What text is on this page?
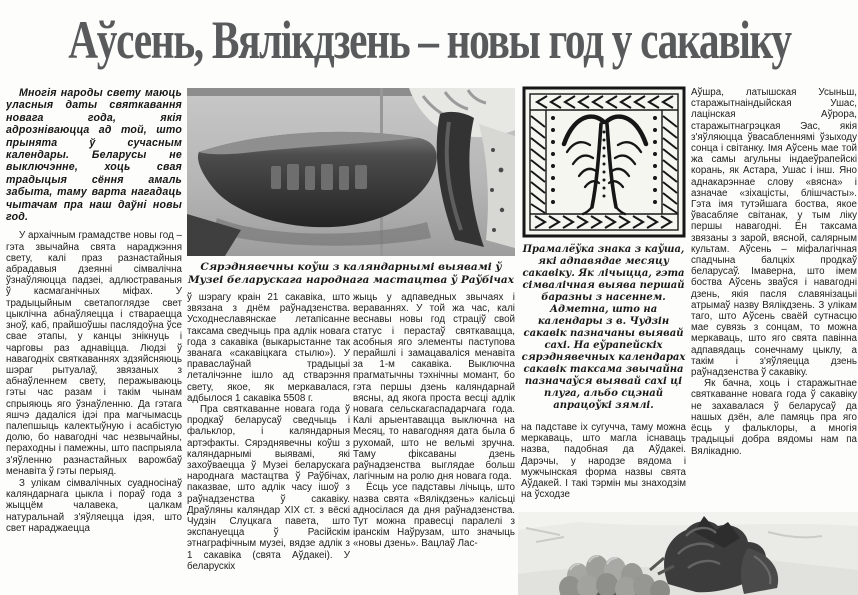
Аўсень, Вялікдзень – новы год у сакавіку

Многія народы свету маюць уласныя даты святкавання новага года, якія адрозніваюцца ад той, што прынята ў сучасным календары. Беларусы не выключэнне, хоць свая традыцыя сёння амаль забыта, таму варта нагадаць чытачам пра наш даўні новы год.

У архаічным грамадстве новы год – гэта звычайна свята нараджэння свету, калі праз разнастайныя абрадавыя дзеянні сімвалічна ўзнаўляюцца падзеі, адлюстраваныя ў касмаганічных міфах. У традыцыйным светапоглядзе свет цыклічна абнаўляецца і ствараецца зноў, каб, прайшоўшы паслядоўна ўсе свае этапы, у канцы знікнуць і чарговы раз аднавіцца. Людзі ў навагодніх святкаваннях здзяйсняюць шэраг рытуалаў, звязаных з абнаўленнем свету, перажываюць гэты час разам і такім чынам спрыяюць яго ўзнаўленню. Да гэтага яшчэ дадаліся ідэі пра магчымасць палепшыць калектыўную і асабістую долю, бо навагодні час незвычайны, пераходны і памежны, што паспрыяла з'яўленню разнастайных варожбаў менавіта ў гэты перыяд.

З улікам сімвалічных суадносінаў каляндарнага цыкла і пораў года з жыццём чалавека, цалкам натуральнай з'яўляецца ідэя, што свет нараджаецца

Сярэднявечны коўш з каляндарнымі выявамі ў Музеі беларускага народнага мастацтва ў Раўбічах

ў шэрагу краін 21 сакавіка, што звязана з днём раўнадзенства. Усходнеславянскае летапісанне таксама сведчыць пра адлік новага года з сакавіка (выкарыстанне так званага «сакавіцкага стылю»). У праваслаўнай традыцыі леталічэнне ішло ад стварэння свету, якое, як меркавалася, адбылося 1 сакавіка 5508 г.

Пра святкаванне новага года ў продкаў беларусаў сведчыць і фальклор, і каляндарныя артэфакты. Сярэднявечны коўш з каляндарнымі выявамі, які захоўваецца ў Музеі беларускага народнага мастацтва ў Раўбічах, паказвае, што адлік часу ішоў з раўнадзенства ў сакавіку. Драўляны каляндар XIX ст. з вёскі Чудзін Слуцкага павета, што экспануецца ў Расійскім этнаграфічным музеі, вядзе адлік з 1 сакавіка (свята Аўдакеі). У беларускіх

жыць у адпаведных звычаях і вераваннях. У той жа час, калі веснавы новы год страціў свой статус і перастаў святкавацца, асобныя яго элементы паступова перайшлі і замацаваліся менавіта за 1-м сакавіка. Выключна прагматычны тэхнічны момант, бо гэта першы дзень каляндарнай вясны, ад якога проста весці адлік новага сельскагаспадарчага года. Калі арыентавацца выключна на Месяц, то навагодняя дата была б рухомай, што не вельмі зручна. Таму фіксаваны дзень раўнадзенства выглядае больш лагічным на ролю дня новага года.

Ёсць усе падставы лічыць, што назва свята «Вялікдзень» калісьці адносілася да дня раўнадзенства. Тут можна правесці паралелі з іранскім Наўрузам, што значыць «новы дзень». Вацлаў Лас-

Прамалёўка знака з каўша, які адпавядае месяцу сакавіку. Як лічыцца, гэта сімвалічная выява першай баразны з насеннем. Адметна, што на календары з в. Чудзін сакавік пазначаны выявай сахі. На еўрапейскіх сярэднявечных календарах сакавік таксама звычайна пазначаўся выявай сахі ці плуга, альбо сцэнай апрацоўкі зямлі.

на падставе іх сугучча, таму можна меркаваць, што магла існаваць назва, падобная да Аўдакеі. Дарэчы, у народзе вядома і мужчынская форма назвы свята Аўдакей. І такі тэрмін мы знаходзім на ўсходзе

Аўшра, латышская Усыньш, старажытнаіндыйская Ушас, лацінская Аўрора, старажытнагрэцкая Эас, якія з'яўляюцца ўвасабленнямі ўзыходу сонца і світанку. Імя Аўсень мае той жа самы агульны індаеўрапейскі корань, як Астара, Ушас і інш. Яно аднакарэннае слову «вясна» і азначае «зіхацісты, блішчасты». Гэта імя тутэйшага боства, якое ўвасабляе світанак, у тым ліку першы навагодні. Ён таксама звязаны з зарой, вясной, салярным культам. Аўсень – міфалагічная спадчына балцкіх продкаў беларусаў. Імаверна, што імем боства Аўсень зваўся і навагодні дзень, якія пасля славянізацыі атрымаў назву Вялікдзень. З улікам таго, што Аўсень сваёй сутнасцю мае сувязь з сонцам, то можна меркаваць, што яго свята павінна адпавядаць сонечнаму цыклу, а такім і з'яўляецца дзень раўнадзенства ў сакавіку.

Як бачна, хоць і старажытнае святкаванне новага года ў сакавіку не захавалася ў беларусаў да нашых дзён, але памяць пра яго ёсць у фальклоры, а многія традыцыі добра вядомы нам па Вялікадню.
